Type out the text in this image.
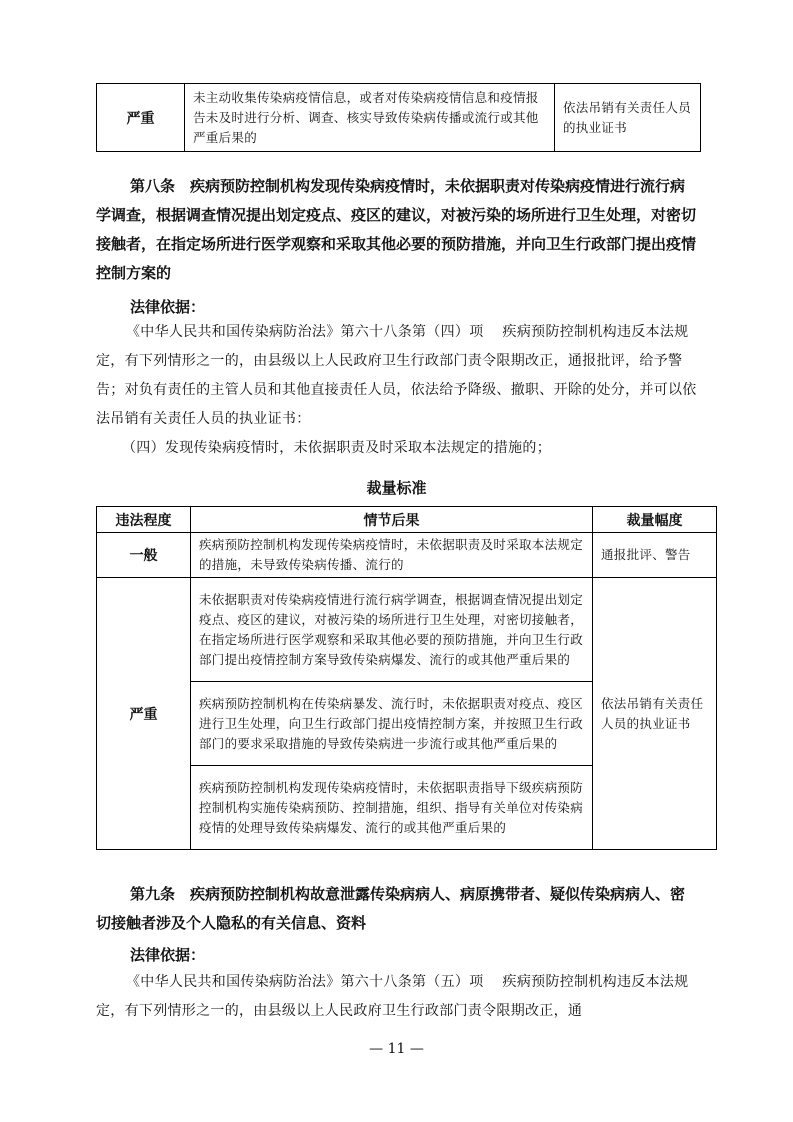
严重	未主动收集传染病疫情信息，或者对传染病疫情信息和疫情报告未及时进行分析、调查、核实导致传染病传播或流行或其他严重后果的	依法吊销有关责任人员的执业证书
第八条　疾病预防控制机构发现传染病疫情时，未依据职责对传染病疫情进行流行病学调查，根据调查情况提出划定疫点、疫区的建议，对被污染的场所进行卫生处理，对密切接触者，在指定场所进行医学观察和采取其他必要的预防措施，并向卫生行政部门提出疫情控制方案的
法律依据：
《中华人民共和国传染病防治法》第六十八条第（四）项　 疾病预防控制机构违反本法规定，有下列情形之一的，由县级以上人民政府卫生行政部门责令限期改正，通报批评，给予警告；对负有责任的主管人员和其他直接责任人员，依法给予降级、撤职、开除的处分，并可以依法吊销有关责任人员的执业证书：
（四）发现传染病疫情时，未依据职责及时采取本法规定的措施的；
裁量标准
违法程度	情节后果	裁量幅度
一般	疾病预防控制机构发现传染病疫情时，未依据职责及时采取本法规定的措施，未导致传染病传播、流行的	通报批评、警告
严重	未依据职责对传染病疫情进行流行病学调查，根据调查情况提出划定疫点、疫区的建议，对被污染的场所进行卫生处理，对密切接触者，在指定场所进行医学观察和采取其他必要的预防措施，并向卫生行政部门提出疫情控制方案导致传染病爆发、流行的或其他严重后果的	依法吊销有关责任人员的执业证书
	疾病预防控制机构在传染病暴发、流行时，未依据职责对疫点、疫区进行卫生处理，向卫生行政部门提出疫情控制方案，并按照卫生行政部门的要求采取措施的导致传染病进一步流行或其他严重后果的	
	疾病预防控制机构发现传染病疫情时，未依据职责指导下级疾病预防控制机构实施传染病预防、控制措施，组织、指导有关单位对传染病疫情的处理导致传染病爆发、流行的或其他严重后果的	
第九条　疾病预防控制机构故意泄露传染病病人、病原携带者、疑似传染病病人、密切接触者涉及个人隐私的有关信息、资料
法律依据：
《中华人民共和国传染病防治法》第六十八条第（五）项　 疾病预防控制机构违反本法规定，有下列情形之一的，由县级以上人民政府卫生行政部门责令限期改正，通
— 11 —
